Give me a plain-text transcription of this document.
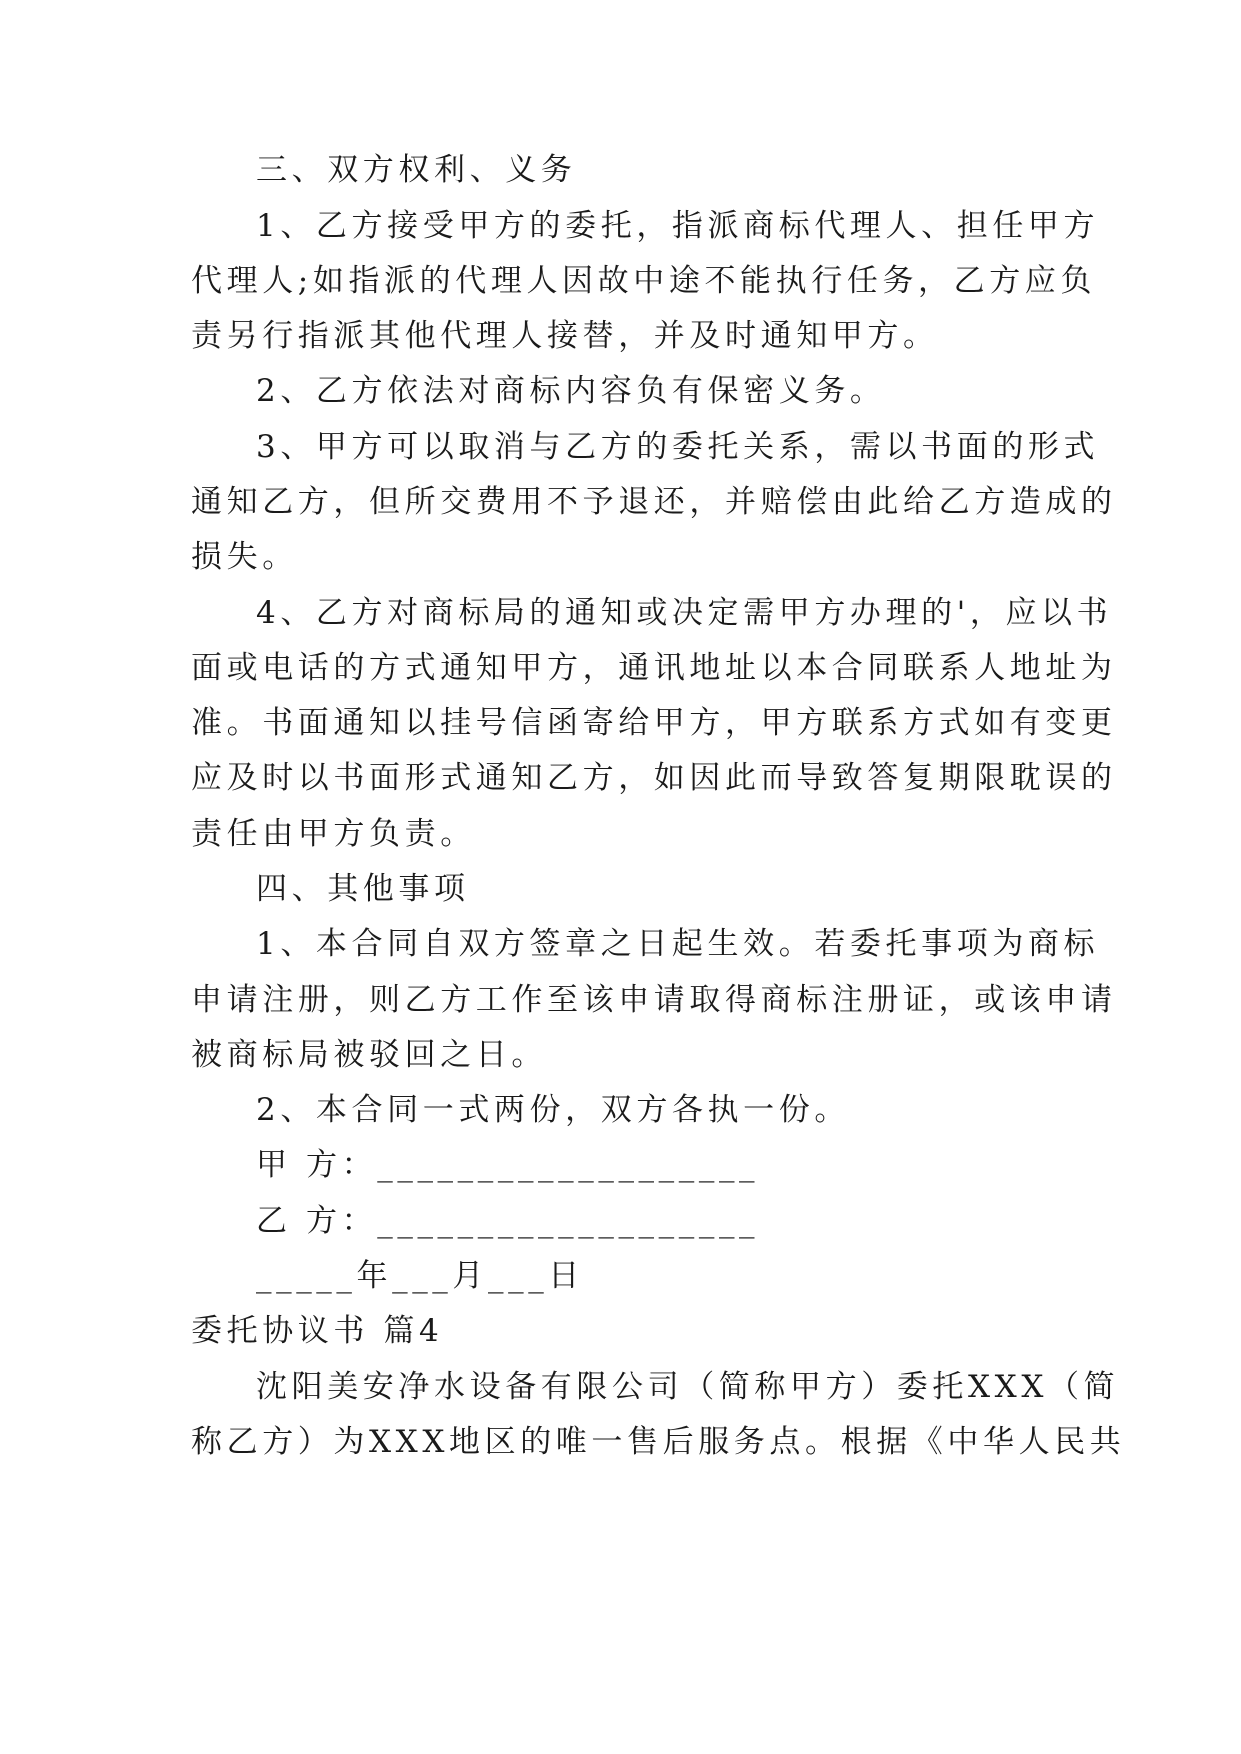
三、双方权利、义务
1、乙方接受甲方的委托，指派商标代理人、担任甲方
代理人;如指派的代理人因故中途不能执行任务，乙方应负
责另行指派其他代理人接替，并及时通知甲方。
2、乙方依法对商标内容负有保密义务。
3、甲方可以取消与乙方的委托关系，需以书面的形式
通知乙方，但所交费用不予退还，并赔偿由此给乙方造成的
损失。
4、乙方对商标局的通知或决定需甲方办理的'，应以书
面或电话的方式通知甲方，通讯地址以本合同联系人地址为
准。书面通知以挂号信函寄给甲方，甲方联系方式如有变更
应及时以书面形式通知乙方，如因此而导致答复期限耽误的
责任由甲方负责。
四、其他事项
1、本合同自双方签章之日起生效。若委托事项为商标
申请注册，则乙方工作至该申请取得商标注册证，或该申请
被商标局被驳回之日。
2、本合同一式两份，双方各执一份。
甲 方：___________________
乙 方：___________________
_____年___月___日
委托协议书 篇4
沈阳美安净水设备有限公司（简称甲方）委托XXX（简
称乙方）为XXX地区的唯一售后服务点。根据《中华人民共
